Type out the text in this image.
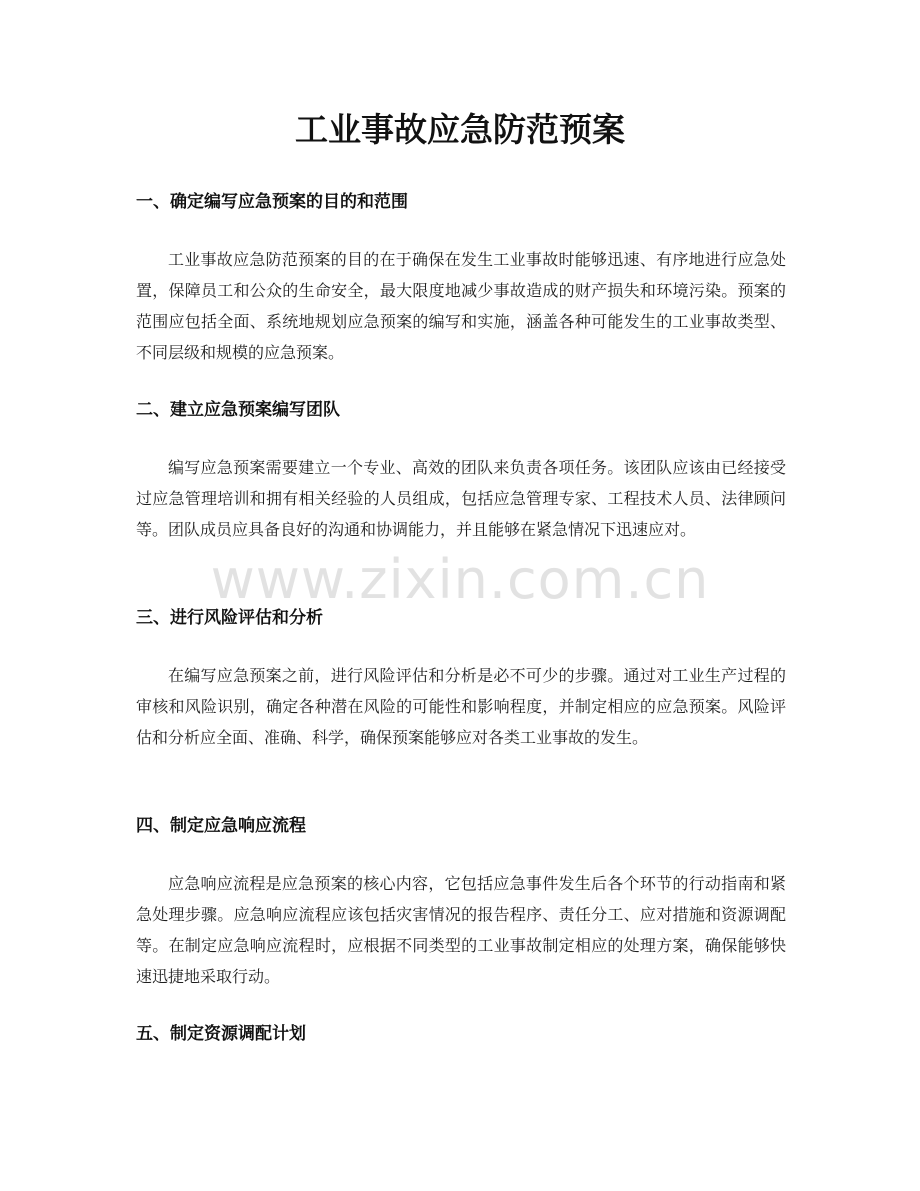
工业事故应急防范预案
一、确定编写应急预案的目的和范围

工业事故应急防范预案的目的在于确保在发生工业事故时能够迅速、有序地进行应急处置，保障员工和公众的生命安全，最大限度地减少事故造成的财产损失和环境污染。预案的范围应包括全面、系统地规划应急预案的编写和实施，涵盖各种可能发生的工业事故类型、不同层级和规模的应急预案。

二、建立应急预案编写团队

编写应急预案需要建立一个专业、高效的团队来负责各项任务。该团队应该由已经接受过应急管理培训和拥有相关经验的人员组成，包括应急管理专家、工程技术人员、法律顾问等。团队成员应具备良好的沟通和协调能力，并且能够在紧急情况下迅速应对。

三、进行风险评估和分析

在编写应急预案之前，进行风险评估和分析是必不可少的步骤。通过对工业生产过程的审核和风险识别，确定各种潜在风险的可能性和影响程度，并制定相应的应急预案。风险评估和分析应全面、准确、科学，确保预案能够应对各类工业事故的发生。

四、制定应急响应流程

应急响应流程是应急预案的核心内容，它包括应急事件发生后各个环节的行动指南和紧急处理步骤。应急响应流程应该包括灾害情况的报告程序、责任分工、应对措施和资源调配等。在制定应急响应流程时，应根据不同类型的工业事故制定相应的处理方案，确保能够快速迅捷地采取行动。

五、制定资源调配计划
www.zixin.com.cn
